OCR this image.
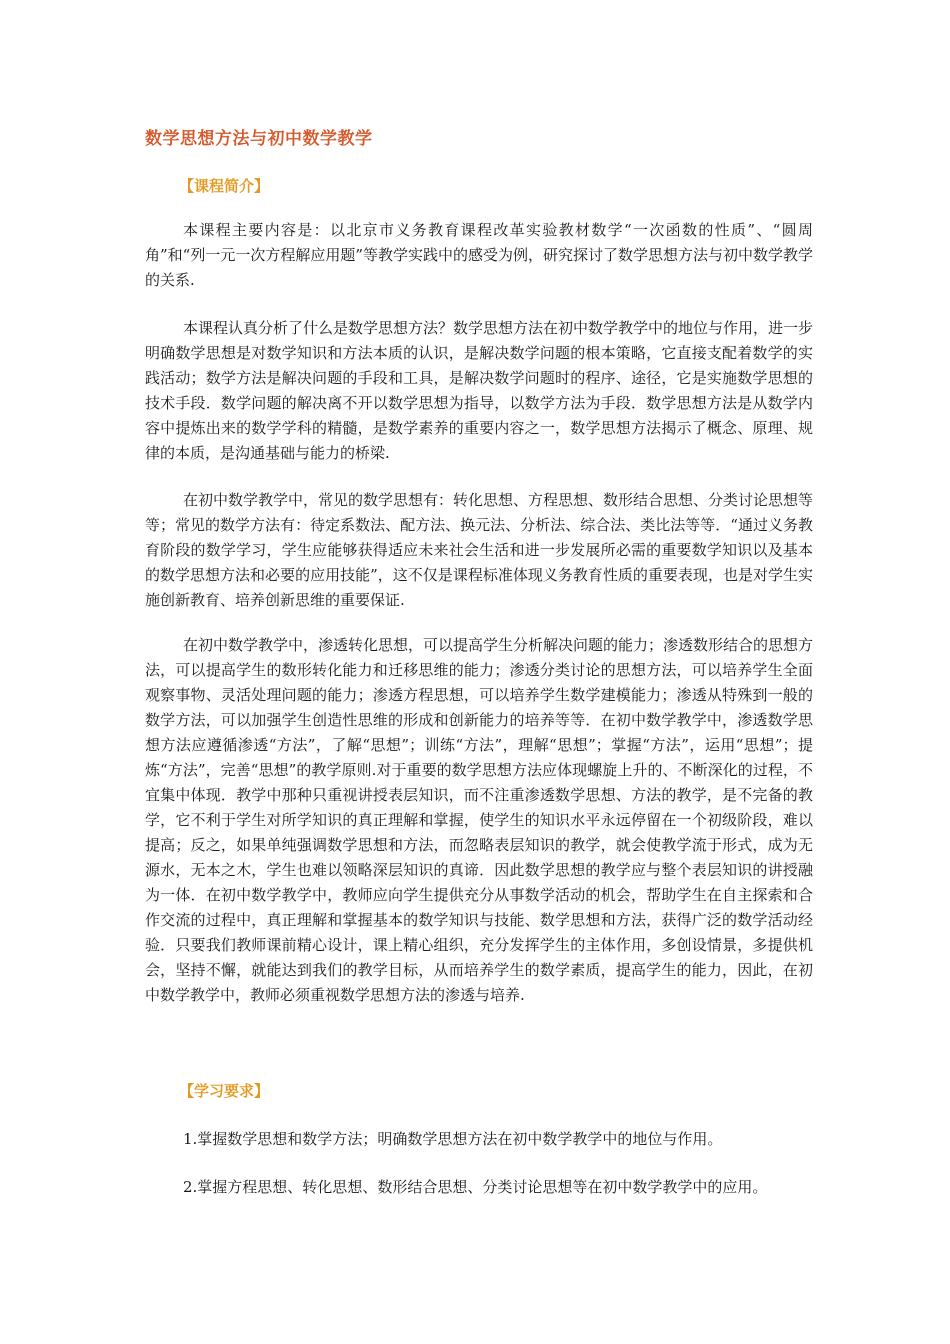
数学思想方法与初中数学教学
【课程简介】

本课程主要内容是：以北京市义务教育课程改革实验教材数学“一次函数的性质”、“圆周角”和“列一元一次方程解应用题”等教学实践中的感受为例，研究探讨了数学思想方法与初中数学教学的关系.

本课程认真分析了什么是数学思想方法？数学思想方法在初中数学教学中的地位与作用，进一步明确数学思想是对数学知识和方法本质的认识，是解决数学问题的根本策略，它直接支配着数学的实践活动；数学方法是解决问题的手段和工具，是解决数学问题时的程序、途径，它是实施数学思想的技术手段．数学问题的解决离不开以数学思想为指导，以数学方法为手段．数学思想方法是从数学内容中提炼出来的数学学科的精髓，是数学素养的重要内容之一，数学思想方法揭示了概念、原理、规律的本质，是沟通基础与能力的桥梁.

在初中数学教学中，常见的数学思想有：转化思想、方程思想、数形结合思想、分类讨论思想等等；常见的数学方法有：待定系数法、配方法、换元法、分析法、综合法、类比法等等．“通过义务教育阶段的数学学习，学生应能够获得适应未来社会生活和进一步发展所必需的重要数学知识以及基本的数学思想方法和必要的应用技能”，这不仅是课程标准体现义务教育性质的重要表现，也是对学生实施创新教育、培养创新思维的重要保证.

在初中数学教学中，渗透转化思想，可以提高学生分析解决问题的能力；渗透数形结合的思想方法，可以提高学生的数形转化能力和迁移思维的能力；渗透分类讨论的思想方法，可以培养学生全面观察事物、灵活处理问题的能力；渗透方程思想，可以培养学生数学建模能力；渗透从特殊到一般的数学方法，可以加强学生创造性思维的形成和创新能力的培养等等．在初中数学教学中，渗透数学思想方法应遵循渗透“方法”，了解“思想”；训练“方法”，理解“思想”；掌握“方法”，运用“思想”；提炼“方法”，完善“思想”的教学原则.对于重要的数学思想方法应体现螺旋上升的、不断深化的过程，不宜集中体现．教学中那种只重视讲授表层知识，而不注重渗透数学思想、方法的教学，是不完备的教学，它不利于学生对所学知识的真正理解和掌握，使学生的知识水平永远停留在一个初级阶段，难以提高；反之，如果单纯强调数学思想和方法，而忽略表层知识的教学，就会使教学流于形式，成为无源水，无本之木，学生也难以领略深层知识的真谛．因此数学思想的教学应与整个表层知识的讲授融为一体．在初中数学教学中，教师应向学生提供充分从事数学活动的机会，帮助学生在自主探索和合作交流的过程中，真正理解和掌握基本的数学知识与技能、数学思想和方法，获得广泛的数学活动经验．只要我们教师课前精心设计，课上精心组织，充分发挥学生的主体作用，多创设情景，多提供机会，坚持不懈，就能达到我们的教学目标，从而培养学生的数学素质，提高学生的能力，因此，在初中数学教学中，教师必须重视数学思想方法的渗透与培养.

【学习要求】

1.掌握数学思想和数学方法；明确数学思想方法在初中数学教学中的地位与作用。

2.掌握方程思想、转化思想、数形结合思想、分类讨论思想等在初中数学教学中的应用。
